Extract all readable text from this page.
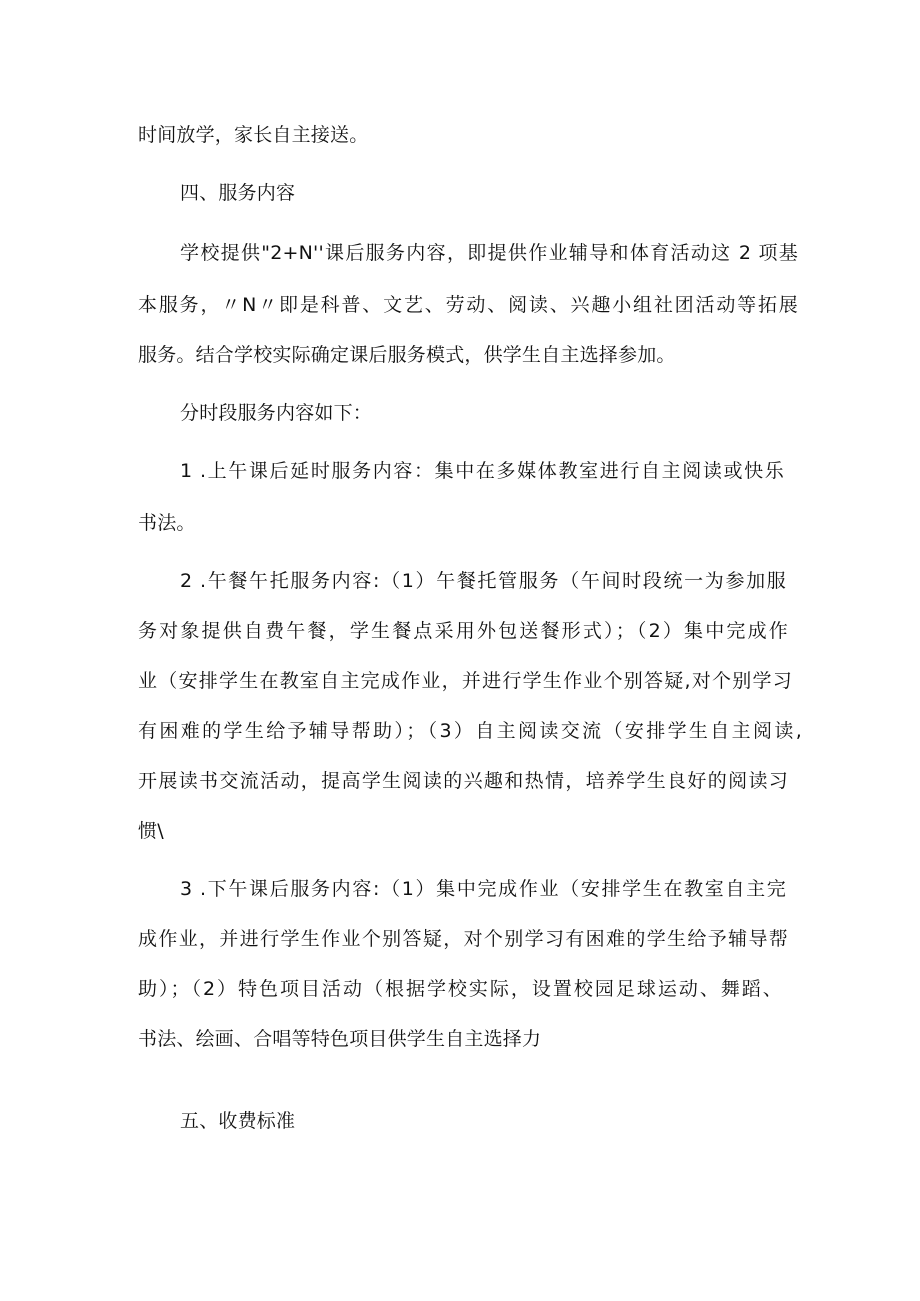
时间放学，家长自主接送。
四、服务内容
学校提供"2+N''课后服务内容，即提供作业辅导和体育活动这 2 项基
本服务，〃N〃即是科普、文艺、劳动、阅读、兴趣小组社团活动等拓展
服务。结合学校实际确定课后服务模式，供学生自主选择参加。
分时段服务内容如下：
1 .上午课后延时服务内容：集中在多媒体教室进行自主阅读或快乐
书法。
2 .午餐午托服务内容:（1）午餐托管服务（午间时段统一为参加服
务对象提供自费午餐，学生餐点采用外包送餐形式）；（2）集中完成作
业（安排学生在教室自主完成作业，并进行学生作业个别答疑,对个别学习
有困难的学生给予辅导帮助）；（3）自主阅读交流（安排学生自主阅读,
开展读书交流活动，提高学生阅读的兴趣和热情，培养学生良好的阅读习
惯\
3 .下午课后服务内容:（1）集中完成作业（安排学生在教室自主完
成作业，并进行学生作业个别答疑，对个别学习有困难的学生给予辅导帮
助）；（2）特色项目活动（根据学校实际，设置校园足球运动、舞蹈、
书法、绘画、合唱等特色项目供学生自主选择力
五、收费标准
